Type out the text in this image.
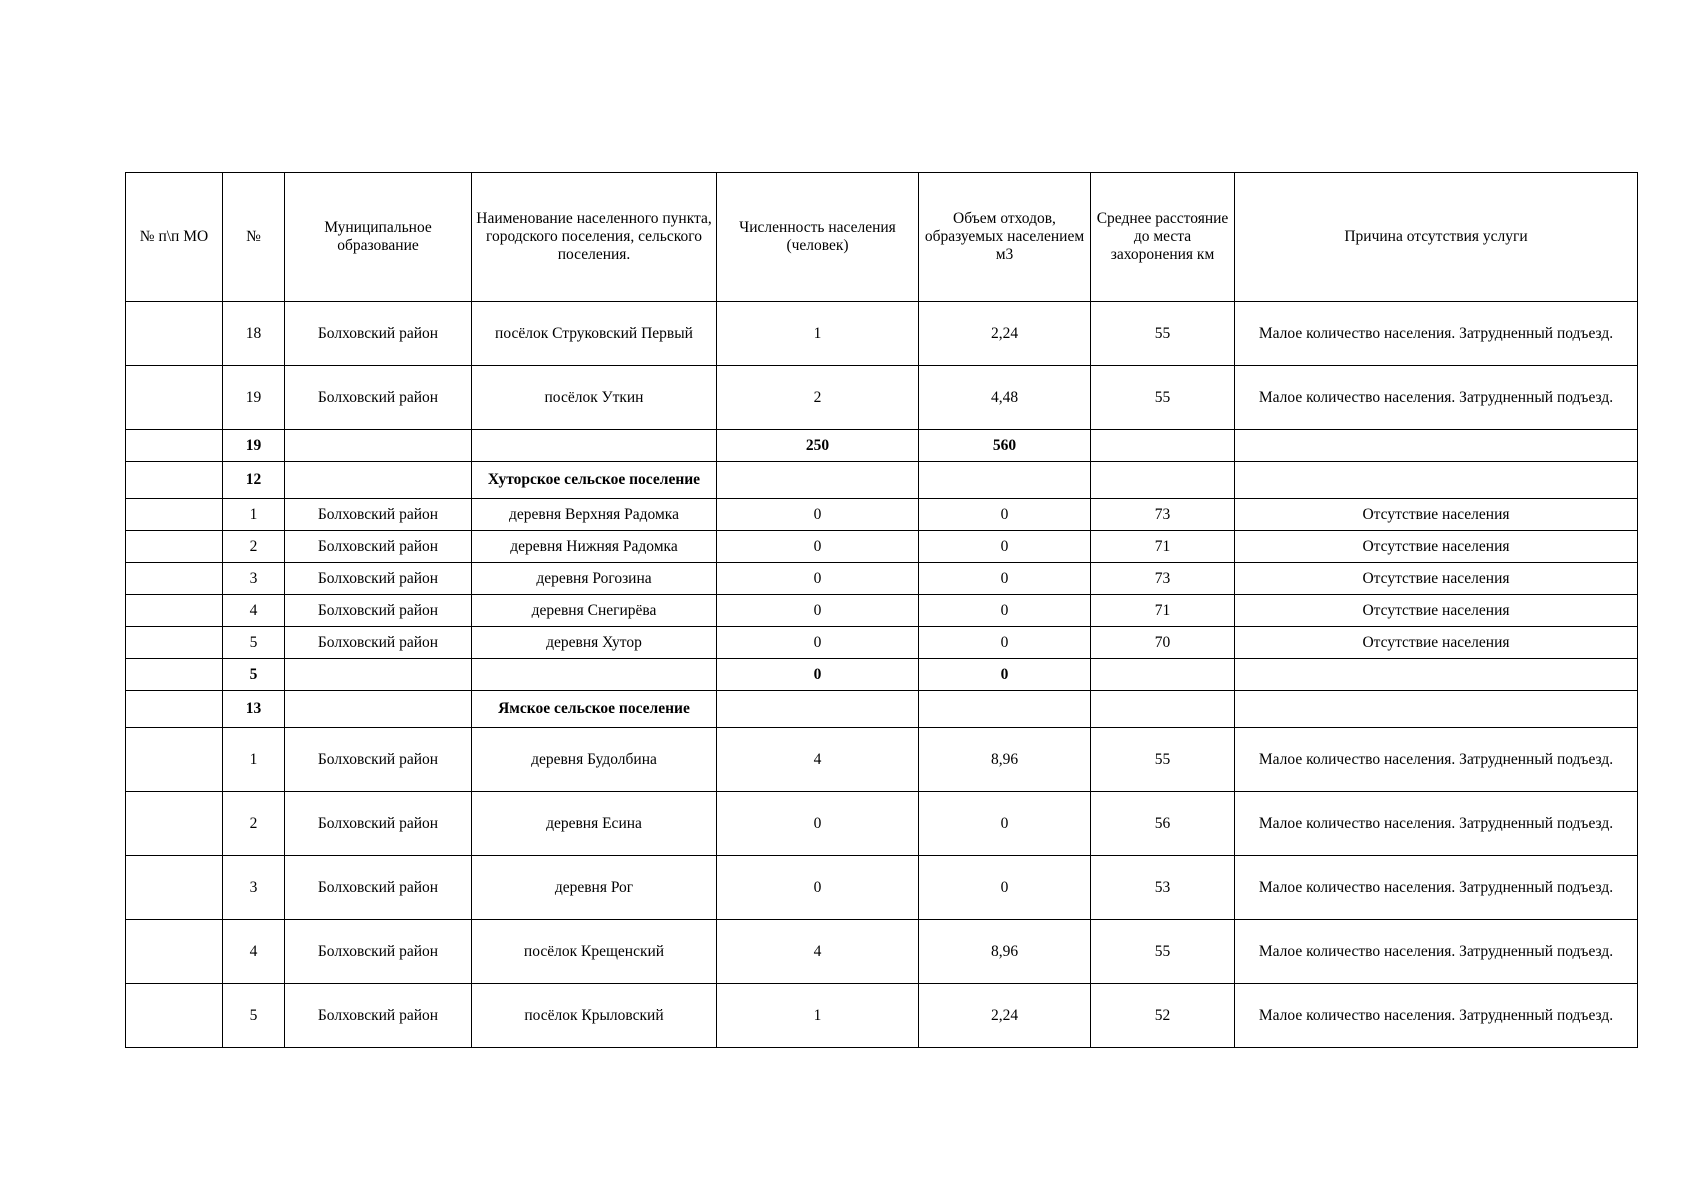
№ п\п МО	№	Муниципальное образование	Наименование населенного пункта, городского поселения, сельского поселения.	Численность населения (человек)	Объем отходов, образуемых населением м3	Среднее расстояние до места захоронения км	Причина отсутствия услуги
	18	Болховский район	посёлок Струковский Первый	1	2,24	55	Малое количество населения. Затрудненный подъезд.
	19	Болховский район	посёлок Уткин	2	4,48	55	Малое количество населения. Затрудненный подъезд.
	19			250	560		
	12		Хуторское сельское поселение				
	1	Болховский район	деревня Верхняя Радомка	0	0	73	Отсутствие населения
	2	Болховский район	деревня Нижняя Радомка	0	0	71	Отсутствие населения
	3	Болховский район	деревня Рогозина	0	0	73	Отсутствие населения
	4	Болховский район	деревня Снегирёва	0	0	71	Отсутствие населения
	5	Болховский район	деревня Хутор	0	0	70	Отсутствие населения
	5			0	0		
	13		Ямское сельское поселение				
	1	Болховский район	деревня Будолбина	4	8,96	55	Малое количество населения. Затрудненный подъезд.
	2	Болховский район	деревня Есина	0	0	56	Малое количество населения. Затрудненный подъезд.
	3	Болховский район	деревня Рог	0	0	53	Малое количество населения. Затрудненный подъезд.
	4	Болховский район	посёлок Крещенский	4	8,96	55	Малое количество населения. Затрудненный подъезд.
	5	Болховский район	посёлок Крыловский	1	2,24	52	Малое количество населения. Затрудненный подъезд.
